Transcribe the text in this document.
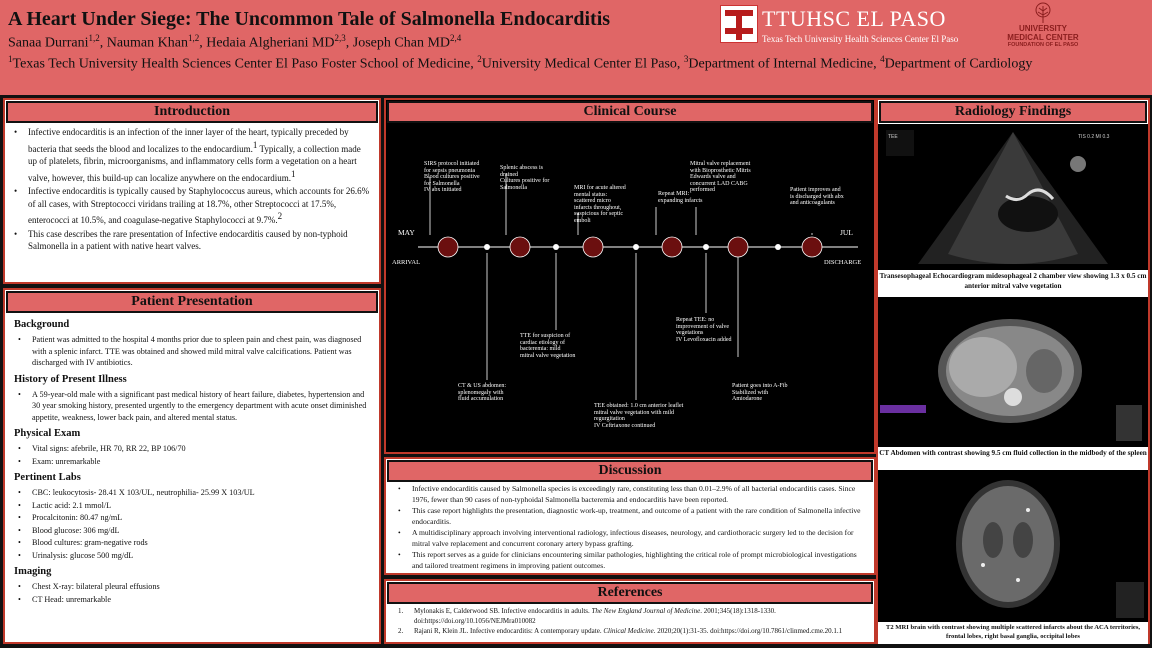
A Heart Under Siege: The Uncommon Tale of Salmonella Endocarditis
Sanaa Durrani$^{1,2}$, Nauman Khan$^{1,2}$, Hedaia Algheriani MD$^{2,3}$, Joseph Chan MD$^{2,4}$
$^1$Texas Tech University Health Sciences Center El Paso Foster School of Medicine, $^2$University Medical Center El Paso, $^3$Department of Internal Medicine, $^4$Department of Cardiology
TTUHSC EL PASO
Texas Tech University Health Sciences Center El Paso
UNIVERSITY
MEDICAL CENTER
FOUNDATION OF EL PASO
Introduction
• Infective endocarditis is an infection of the inner layer of the heart, typically preceded by bacteria that seeds the blood and localizes to the endocardium.$^1$ Typically, a collection made up of platelets, fibrin, microorganisms, and inflammatory cells form a vegetation on a heart valve, however, this build-up can localize anywhere on the endocardium.$^1$
• Infective endocarditis is typically caused by Staphylococcus aureus, which accounts for 26.6% of all cases, with Streptococci viridans trailing at 18.7%, other Streptococci at 17.5%, enterococci at 10.5%, and coagulase-negative Staphylococci at 9.7%.$^2$
• This case describes the rare presentation of Infective endocarditis caused by non-typhoid Salmonella in a patient with native heart valves.
Patient Presentation
Background
• Patient was admitted to the hospital 4 months prior due to spleen pain and chest pain, was diagnosed with a splenic infarct. TTE was obtained and showed mild mitral valve calcifications. Patient was discharged with IV antibiotics.
History of Present Illness
• A 59-year-old male with a significant past medical history of heart failure, diabetes, hypertension and 30 year smoking history, presented urgently to the emergency department with acute onset diminished appetite, weakness, lower back pain, and altered mental status.
Physical Exam
• Vital signs: afebrile, HR 70, RR 22, BP 106/70
• Exam: unremarkable
Pertinent Labs
• CBC: leukocytosis- 28.41 X 103/UL, neutrophilia- 25.99 X 103/UL
• Lactic acid: 2.1 mmol/L
• Procalcitonin: 80.47 ng/mL
• Blood glucose: 306 mg/dL
• Blood cultures: gram-negative rods
• Urinalysis: glucose 500 mg/dL
Imaging
• Chest X-ray: bilateral pleural effusions
• CT Head: unremarkable
Clinical Course
MAY	JUL
ARRIVAL	DISCHARGE
SIRS protocol initiated for sepsis pneumonia
Blood cultures positive for Salmonella
IV abx initiated
Splenic abscess is drained
Cultures positive for Salmonella	MRI for acute altered mental status: scattered micro infarcts throughout, suspicious for septic emboli
Repeat MRI: expanding infarcts
Mitral valve replacement with Bioprosthetic Mitris Edwards valve and concurrent LAD CABG performed	Patient improves and is discharged with abx and anticoagulants
CT & US abdomen: splenomegaly with fluid accumulation
TTE for suspicion of cardiac etiology of bacteremia: mild mitral valve vegetation
TEE obtained: 1.0 cm anterior leaflet mitral valve vegetation with mild regurgitation
IV Ceftriaxone continued
Repeat TEE: no improvement of valve vegetations
IV Levofloxacin added
Patient goes into A-Fib
Stabilized with Amiodarone
Discussion
• Infective endocarditis caused by Salmonella species is exceedingly rare, constituting less than 0.01–2.9% of all bacterial endocarditis cases. Since 1976, fewer than 90 cases of non-typhoidal Salmonella bacteremia and endocarditis have been reported.
• This case report highlights the presentation, diagnostic work-up, treatment, and outcome of a patient with the rare condition of Salmonella infective endocarditis.
• A multidisciplinary approach involving interventional radiology, infectious diseases, neurology, and cardiothoracic surgery led to the decision for mitral valve replacement and concurrent coronary artery bypass grafting.
• This report serves as a guide for clinicians encountering similar pathologies, highlighting the critical role of prompt microbiological investigations and tailored treatment regimens in improving patient outcomes.
References
1. Mylonakis E, Calderwood SB. Infective endocarditis in adults. The New England Journal of Medicine. 2001;345(18):1318-1330. doi:https://doi.org/10.1056/NEJMra010082
2. Rajani R, Klein JL. Infective endocarditis: A contemporary update. Clinical Medicine. 2020;20(1):31-35. doi:https://doi.org/10.7861/clinmed.cme.20.1.1
Radiology Findings
TEE	TIS 0.2 MI 0.3
Transesophageal Echocardiogram midesophageal 2 chamber view showing 1.3 x 0.5 cm anterior mitral valve vegetation
CT Abdomen with contrast showing 9.5 cm fluid collection in the midbody of the spleen
T2 MRI brain with contrast showing multiple scattered infarcts about the ACA territories, frontal lobes, right basal ganglia, occipital lobes
